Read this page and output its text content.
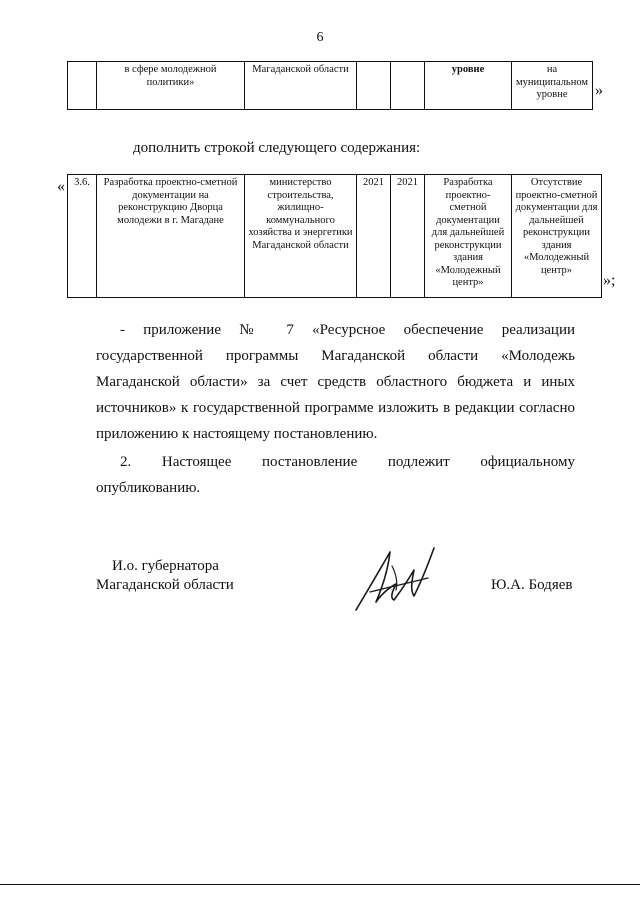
6
	в сфере молодежной политики»	Магаданской области			уровне	на муниципальном уровне »
дополнить строкой следующего содержания:
« 3.6.	Разработка проектно-сметной документации на реконструкцию Дворца молодежи в г. Магадане	министерство строительства, жилищно-коммунального хозяйства и энергетики Магаданской области	2021	2021	Разработка проектно-сметной документации для дальнейшей реконструкции здания «Молодежный центр»	Отсутствие проектно-сметной документации для дальнейшей реконструкции здания «Молодежный центр»
»;

- приложение № 7 «Ресурсное обеспечение реализации

государственной программы Магаданской области «Молодежь

Магаданской области» за счет средств областного бюджета и иных

источников» к государственной программе изложить в редакции согласно

приложению к настоящему постановлению.

2. Настоящее постановление подлежит официальному

опубликованию.

И.о. губернатора
Магаданской области	Ю.А. Бодяев
